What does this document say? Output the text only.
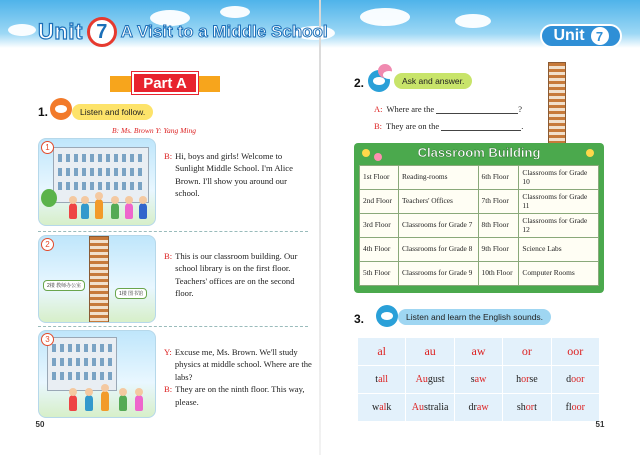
Unit 7 A Visit to a Middle School	Unit 7
Part A
1.	Listen and follow.
B: Ms. Brown Y: Yang Ming
1
B: Hi, boys and girls! Welcome to Sunlight Middle School. I'm Alice Brown. I'll show you around our school.
2
2楼 教师办公室
1楼 图书馆
B: This is our classroom building. Our school library is on the first floor. Teachers' offices are on the second floor.
3
Y: Excuse me, Ms. Brown. We'll study physics at middle school. Where are the labs?
B: They are on the ninth floor. This way, please.
50
2.	Ask and answer.
A: Where are the	?
B: They are on the	.
Classroom Building
1st Floor	Reading-rooms	6th Floor	Classrooms for Grade 10
2nd Floor	Teachers' Offices	7th Floor	Classrooms for Grade 11
3rd Floor	Classrooms for Grade 7	8th Floor	Classrooms for Grade 12
4th Floor	Classrooms for Grade 8	9th Floor	Science Labs
5th Floor	Classrooms for Grade 9	10th Floor	Computer Rooms
3.	Listen and learn the English sounds.
al	au	aw	or	oor
tall	August	saw	horse	door
walk	Australia	draw	short	floor
51
